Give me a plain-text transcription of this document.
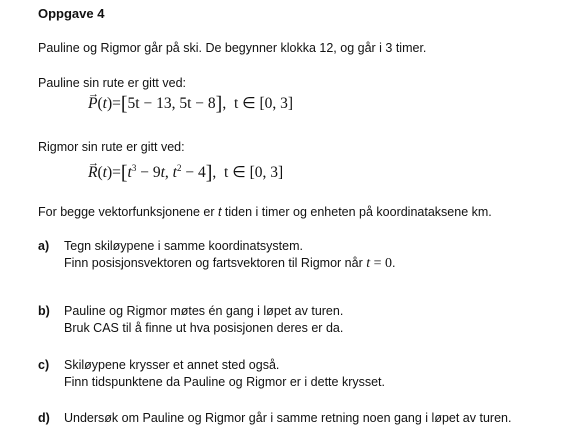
Oppgave 4
Pauline og Rigmor går på ski. De begynner klokka 12, og går i 3 timer.
Pauline sin rute er gitt ved:
→ P(t)=[5t − 13, 5t − 8],  t ∈ [0, 3]
Rigmor sin rute er gitt ved:
→ $R(t)=[t^3 - 9t$, $t^2 - 4$],  t ∈ [0, 3]
For begge vektorfunksjonene er t tiden i timer og enheten på koordinataksene km.
a) Tegn skiløypene i samme koordinatsystem.
Finn posisjonsvektoren og fartsvektoren til Rigmor når t = 0.
b) Pauline og Rigmor møtes én gang i løpet av turen.
Bruk CAS til å finne ut hva posisjonen deres er da.
c) Skiløypene krysser et annet sted også.
Finn tidspunktene da Pauline og Rigmor er i dette krysset.
d) Undersøk om Pauline og Rigmor går i samme retning noen gang i løpet av turen.
